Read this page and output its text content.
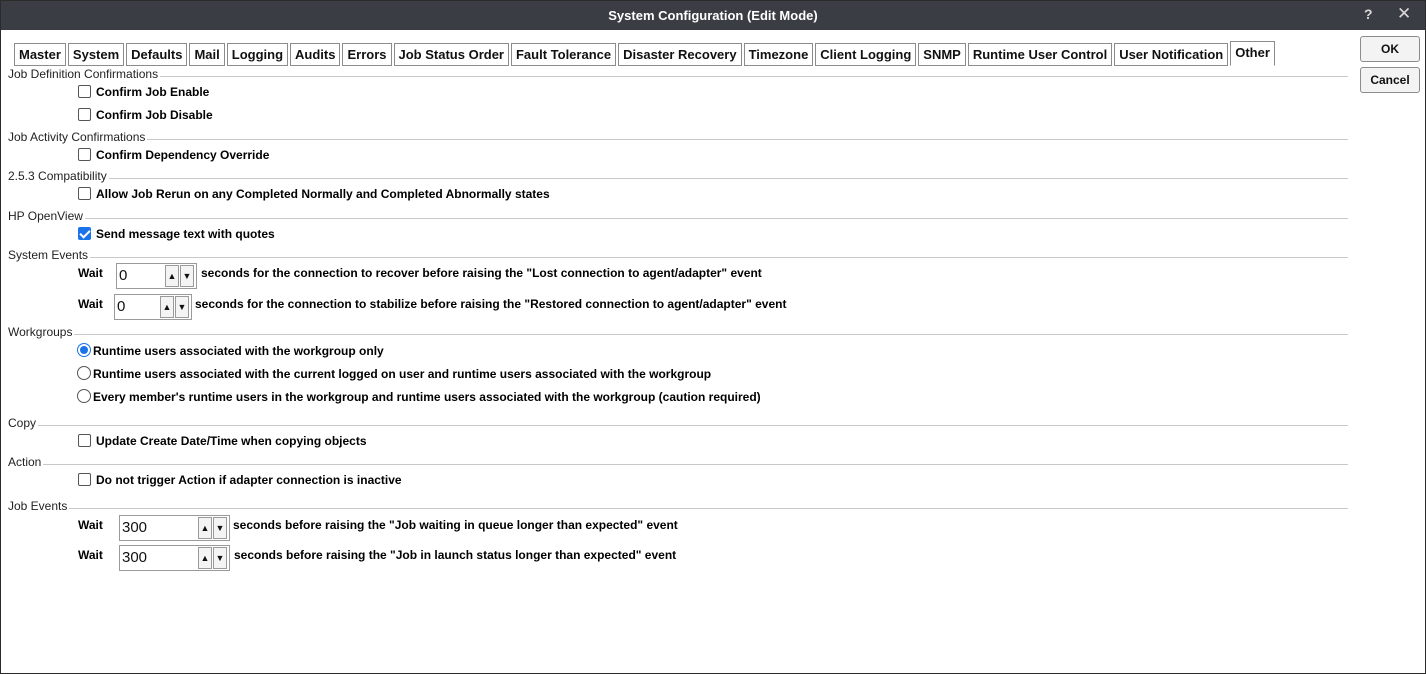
System Configuration (Edit Mode)	? ✕
Master System Defaults Mail Logging Audits Errors Job Status Order Fault Tolerance Disaster Recovery Timezone Client Logging SNMP Runtime User Control User Notification Other	OK
Cancel
Job Definition Confirmations
Confirm Job Enable
Confirm Job Disable
Job Activity Confirmations
Confirm Dependency Override
2.5.3 Compatibility
Allow Job Rerun on any Completed Normally and Completed Abnormally states
HP OpenView
Send message text with quotes
System Events
Wait 0	▲ ▼ seconds for the connection to recover before raising the "Lost connection to agent/adapter" event
Wait 0	▲ ▼ seconds for the connection to stabilize before raising the "Restored connection to agent/adapter" event
Workgroups
Runtime users associated with the workgroup only
Runtime users associated with the current logged on user and runtime users associated with the workgroup
Every member's runtime users in the workgroup and runtime users associated with the workgroup (caution required)
Copy
Update Create Date/Time when copying objects
Action
Do not trigger Action if adapter connection is inactive
Job Events
Wait 300	▲ ▼ seconds before raising the "Job waiting in queue longer than expected" event
Wait 300	▲ ▼ seconds before raising the "Job in launch status longer than expected" event
